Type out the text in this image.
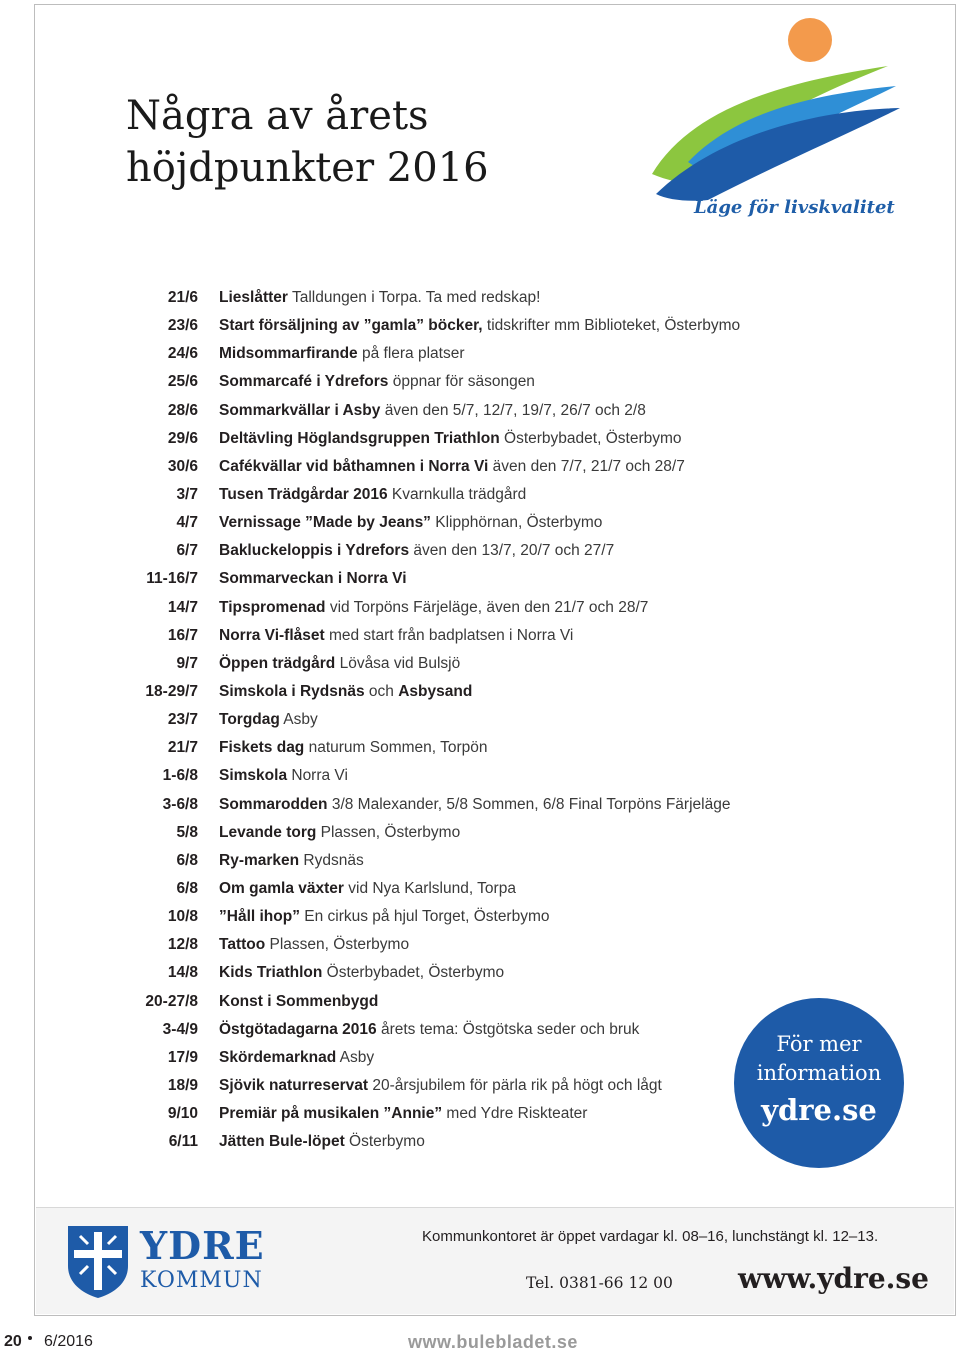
Några av årets
höjdpunkter 2016
Läge för livskvalitet
21/6 Lieslåtter Talldungen i Torpa. Ta med redskap!
23/6 Start försäljning av ”gamla” böcker, tidskrifter mm Biblioteket, Österbymo
24/6 Midsommarfirande på flera platser
25/6 Sommarcafé i Ydrefors öppnar för säsongen
28/6 Sommarkvällar i Asby även den 5/7, 12/7, 19/7, 26/7 och 2/8
29/6 Deltävling Höglandsgruppen Triathlon Österbybadet, Österbymo
30/6 Cafékvällar vid båthamnen i Norra Vi även den 7/7, 21/7 och 28/7
3/7 Tusen Trädgårdar 2016 Kvarnkulla trädgård
4/7 Vernissage ”Made by Jeans” Klipphörnan, Österbymo
6/7 Bakluckeloppis i Ydrefors även den 13/7, 20/7 och 27/7
11-16/7 Sommarveckan i Norra Vi
14/7 Tipspromenad vid Torpöns Färjeläge, även den 21/7 och 28/7
16/7 Norra Vi-flåset med start från badplatsen i Norra Vi
9/7 Öppen trädgård Lövåsa vid Bulsjö
18-29/7 Simskola i Rydsnäs och Asbysand
23/7 Torgdag Asby
21/7 Fiskets dag naturum Sommen, Torpön
1-6/8 Simskola Norra Vi
3-6/8 Sommarodden 3/8 Malexander, 5/8 Sommen, 6/8 Final Torpöns Färjeläge
5/8 Levande torg Plassen, Österbymo
6/8 Ry-marken Rydsnäs
6/8 Om gamla växter vid Nya Karlslund, Torpa
10/8 ”Håll ihop” En cirkus på hjul Torget, Österbymo
12/8 Tattoo Plassen, Österbymo
14/8 Kids Triathlon Österbybadet, Österbymo
20-27/8 Konst i Sommenbygd
3-4/9 Östgötadagarna 2016 årets tema: Östgötska seder och bruk
17/9 Skördemarknad Asby
18/9 Sjövik naturreservat 20-årsjubilem för pärla rik på högt och lågt
9/10 Premiär på musikalen ”Annie” med Ydre Riskteater
6/11 Jätten Bule-löpet Österbymo
För mer
information
ydre.se
YDRE
KOMMUN
Kommunkontoret är öppet vardagar kl. 08–16, lunchstängt kl. 12–13.
Tel. 0381-66 12 00 www.ydre.se
20 6/2016	www.bulebladet.se
